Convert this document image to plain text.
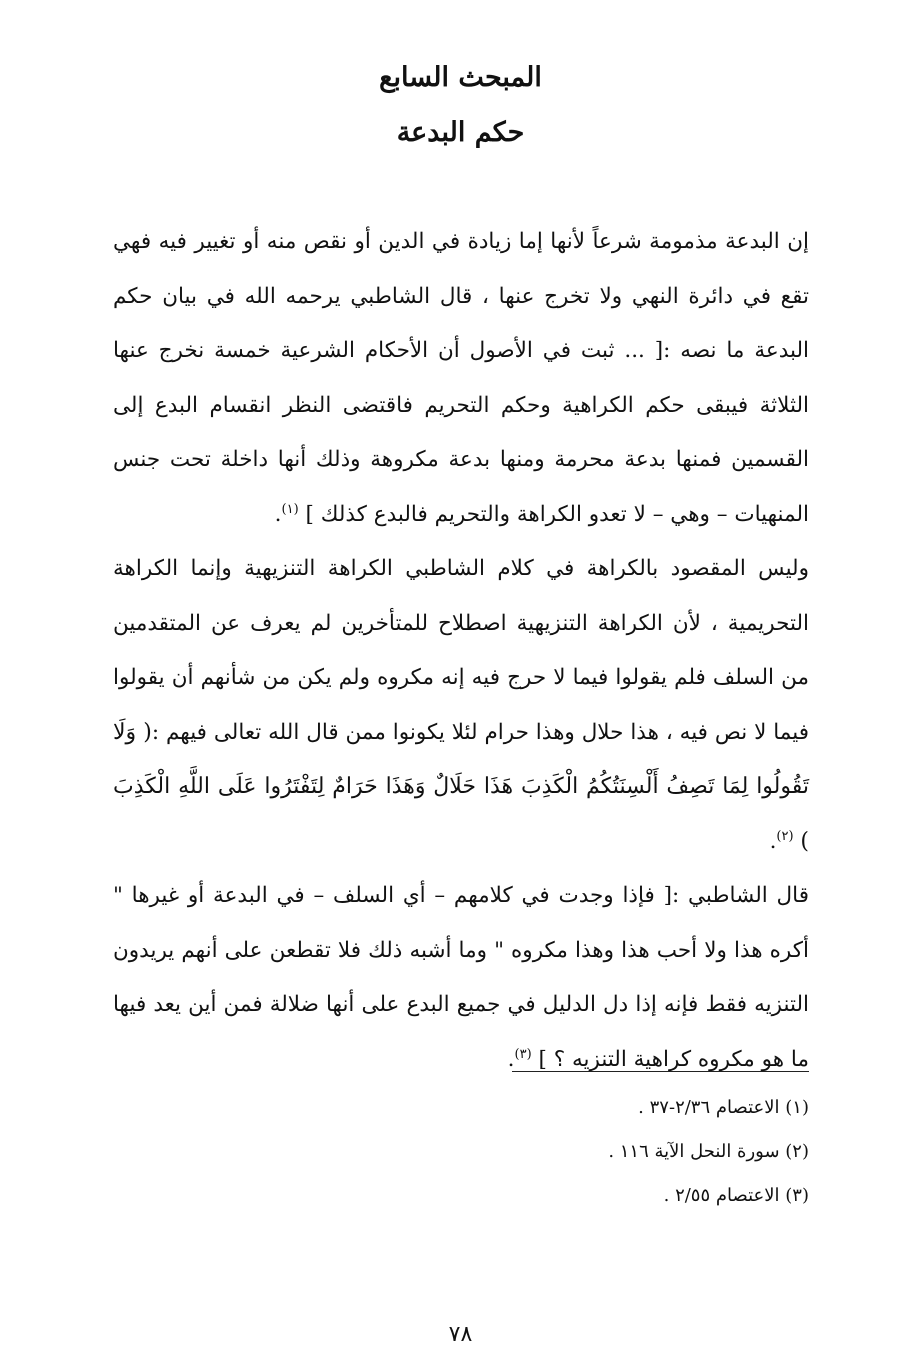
المبحث السابع
حكم البدعة

إن البدعة مذمومة شرعاً لأنها إما زيادة في الدين أو نقص منه أو تغيير فيه فهي تقع في دائرة النهي ولا تخرج عنها ، قال الشاطبي يرحمه الله في بيان حكم البدعة ما نصه :[ ... ثبت في الأصول أن الأحكام الشرعية خمسة نخرج عنها الثلاثة فيبقى حكم الكراهية وحكم التحريم فاقتضى النظر انقسام البدع إلى القسمين فمنها بدعة محرمة ومنها بدعة مكروهة وذلك أنها داخلة تحت جنس المنهيات – وهي – لا تعدو الكراهة والتحريم فالبدع كذلك ] $^{(١)}$.

وليس المقصود بالكراهة في كلام الشاطبي الكراهة التنزيهية وإنما الكراهة التحريمية ، لأن الكراهة التنزيهية اصطلاح للمتأخرين لم يعرف عن المتقدمين من السلف فلم يقولوا فيما لا حرج فيه إنه مكروه ولم يكن من شأنهم أن يقولوا فيما لا نص فيه ، هذا حلال وهذا حرام لئلا يكونوا ممن قال الله تعالى فيهم :( وَلَا تَقُولُوا لِمَا تَصِفُ أَلْسِنَتُكُمُ الْكَذِبَ هَذَا حَلَالٌ وَهَذَا حَرَامٌ لِتَفْتَرُوا عَلَى اللَّهِ الْكَذِبَ ) $^{(٢)}$.

قال الشاطبي :[ فإذا وجدت في كلامهم – أي السلف – في البدعة أو غيرها " أكره هذا ولا أحب هذا وهذا مكروه " وما أشبه ذلك فلا تقطعن على أنهم يريدون التنزيه فقط فإنه إذا دل الدليل في جميع البدع على أنها ضلالة فمن أين يعد فيها ما هو مكروه كراهية التنزيه ؟ ] $^{(٣)}$.

(١) الاعتصام ٢/٣٦-٣٧ .
(٢) سورة النحل الآية ١١٦ .
(٣) الاعتصام ٢/٥٥ .
٧٨
